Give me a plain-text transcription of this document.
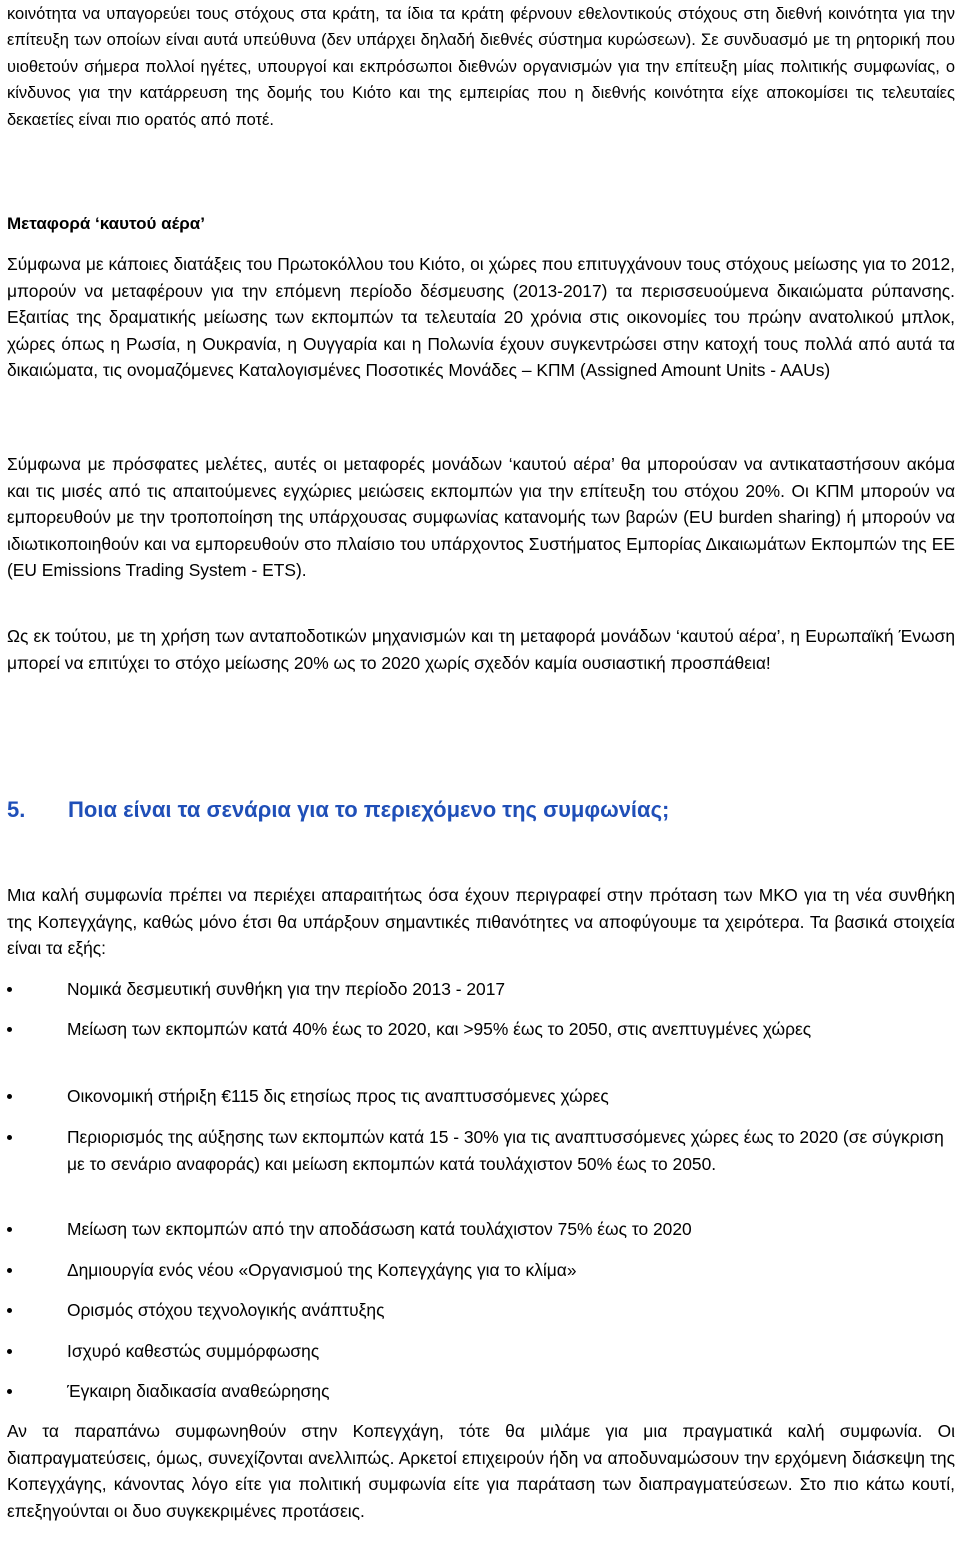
κοινότητα να υπαγορεύει τους στόχους στα κράτη, τα ίδια τα κράτη φέρνουν εθελοντικούς στόχους στη διεθνή κοινότητα για την επίτευξη των οποίων είναι αυτά υπεύθυνα (δεν υπάρχει δηλαδή διεθνές σύστημα κυρώσεων). Σε συνδυασμό με τη ρητορική που υιοθετούν σήμερα πολλοί ηγέτες, υπουργοί και εκπρόσωποι διεθνών οργανισμών για την επίτευξη μίας πολιτικής συμφωνίας, ο κίνδυνος για την κατάρρευση της δομής του Κιότο και της εμπειρίας που η διεθνής κοινότητα είχε αποκομίσει τις τελευταίες δεκαετίες είναι πιο ορατός από ποτέ.

Μεταφορά ‘καυτού αέρα’

Σύμφωνα με κάποιες διατάξεις του Πρωτοκόλλου του Κιότο, οι χώρες που επιτυγχάνουν τους στόχους μείωσης για το 2012, μπορούν να μεταφέρουν για την επόμενη περίοδο δέσμευσης (2013-2017) τα περισσευούμενα δικαιώματα ρύπανσης. Εξαιτίας της δραματικής μείωσης των εκπομπών τα τελευταία 20 χρόνια στις οικονομίες του πρώην ανατολικού μπλοκ, χώρες όπως η Ρωσία, η Ουκρανία, η Ουγγαρία και η Πολωνία έχουν συγκεντρώσει στην κατοχή τους πολλά από αυτά τα δικαιώματα, τις ονομαζόμενες Καταλογισμένες Ποσοτικές Μονάδες – ΚΠΜ (Assigned Amount Units - AAUs)

Σύμφωνα με πρόσφατες μελέτες, αυτές οι μεταφορές μονάδων ‘καυτού αέρα’ θα μπορούσαν να αντικαταστήσουν ακόμα και τις μισές από τις απαιτούμενες εγχώριες μειώσεις εκπομπών για την επίτευξη του στόχου 20%. Οι ΚΠΜ μπορούν να εμπορευθούν με την τροποποίηση της υπάρχουσας συμφωνίας κατανομής των βαρών (EU burden sharing) ή μπορούν να ιδιωτικοποιηθούν και να εμπορευθούν στο πλαίσιο του υπάρχοντος Συστήματος Εμπορίας Δικαιωμάτων Εκπομπών της ΕΕ (EU Emissions Trading System - ETS).

Ως εκ τούτου, με τη χρήση των ανταποδοτικών μηχανισμών και τη μεταφορά μονάδων ‘καυτού αέρα’, η Ευρωπαϊκή Ένωση μπορεί να επιτύχει το στόχο μείωσης 20% ως το 2020 χωρίς σχεδόν καμία ουσιαστική προσπάθεια!

5. Ποια είναι τα σενάρια για το περιεχόμενο της συμφωνίας;

Μια καλή συμφωνία πρέπει να περιέχει απαραιτήτως όσα έχουν περιγραφεί στην πρόταση των ΜΚΟ για τη νέα συνθήκη της Κοπεγχάγης, καθώς μόνο έτσι θα υπάρξουν σημαντικές πιθανότητες να αποφύγουμε τα χειρότερα. Τα βασικά στοιχεία είναι τα εξής:

Νομικά δεσμευτική συνθήκη για την περίοδο 2013 - 2017
Μείωση των εκπομπών κατά 40% έως το 2020, και >95% έως το 2050, στις ανεπτυγμένες χώρες
Οικονομική στήριξη €115 δις ετησίως προς τις αναπτυσσόμενες χώρες
Περιορισμός της αύξησης των εκπομπών κατά 15 - 30% για τις αναπτυσσόμενες χώρες έως το 2020 (σε σύγκριση με το σενάριο αναφοράς) και μείωση εκπομπών κατά τουλάχιστον 50% έως το 2050.
Μείωση των εκπομπών από την αποδάσωση κατά τουλάχιστον 75% έως το 2020
Δημιουργία ενός νέου «Οργανισμού της Κοπεγχάγης για το κλίμα»
Ορισμός στόχου τεχνολογικής ανάπτυξης
Ισχυρό καθεστώς συμμόρφωσης
Έγκαιρη διαδικασία αναθεώρησης

Αν τα παραπάνω συμφωνηθούν στην Κοπεγχάγη, τότε θα μιλάμε για μια πραγματικά καλή συμφωνία. Οι διαπραγματεύσεις, όμως, συνεχίζονται ανελλιπώς. Αρκετοί επιχειρούν ήδη να αποδυναμώσουν την ερχόμενη διάσκεψη της Κοπεγχάγης, κάνοντας λόγο είτε για πολιτική συμφωνία είτε για παράταση των διαπραγματεύσεων. Στο πιο κάτω κουτί, επεξηγούνται οι δυο συγκεκριμένες προτάσεις.
